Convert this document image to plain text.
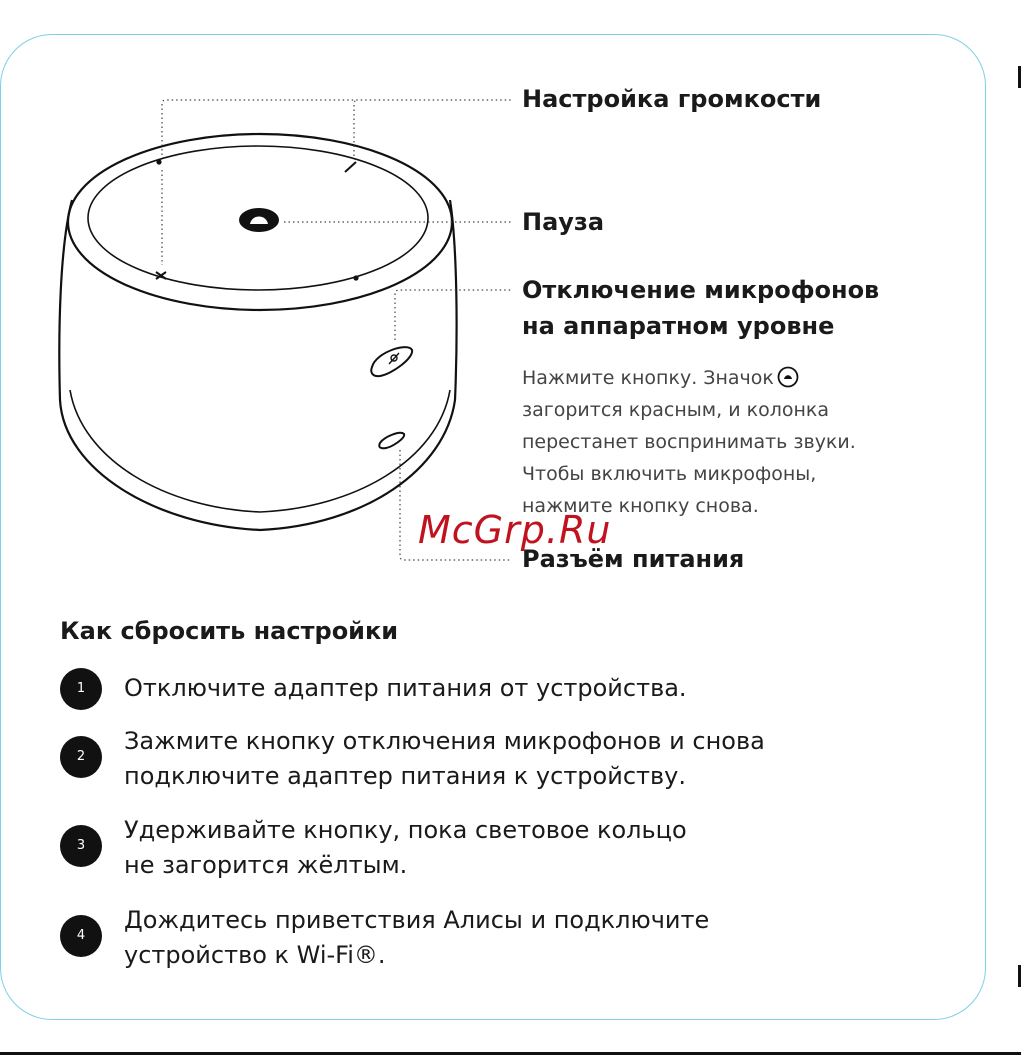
Настройка громкости
Пауза
Отключение микрофонов
на аппаратном уровне
Нажмите кнопку. Значок
загорится красным, и колонка
перестанет воспринимать звуки.
Чтобы включить микрофоны,
нажмите кнопку снова.
McGrp.Ru
Разъём питания
Как сбросить настройки
1	Отключите адаптер питания от устройства.
2
Зажмите кнопку отключения микрофонов и снова
подключите адаптер питания к устройству.
3
Удерживайте кнопку, пока световое кольцо
не загорится жёлтым.
4
Дождитесь приветствия Алисы и подключите
устройство к Wi-Fi®.
